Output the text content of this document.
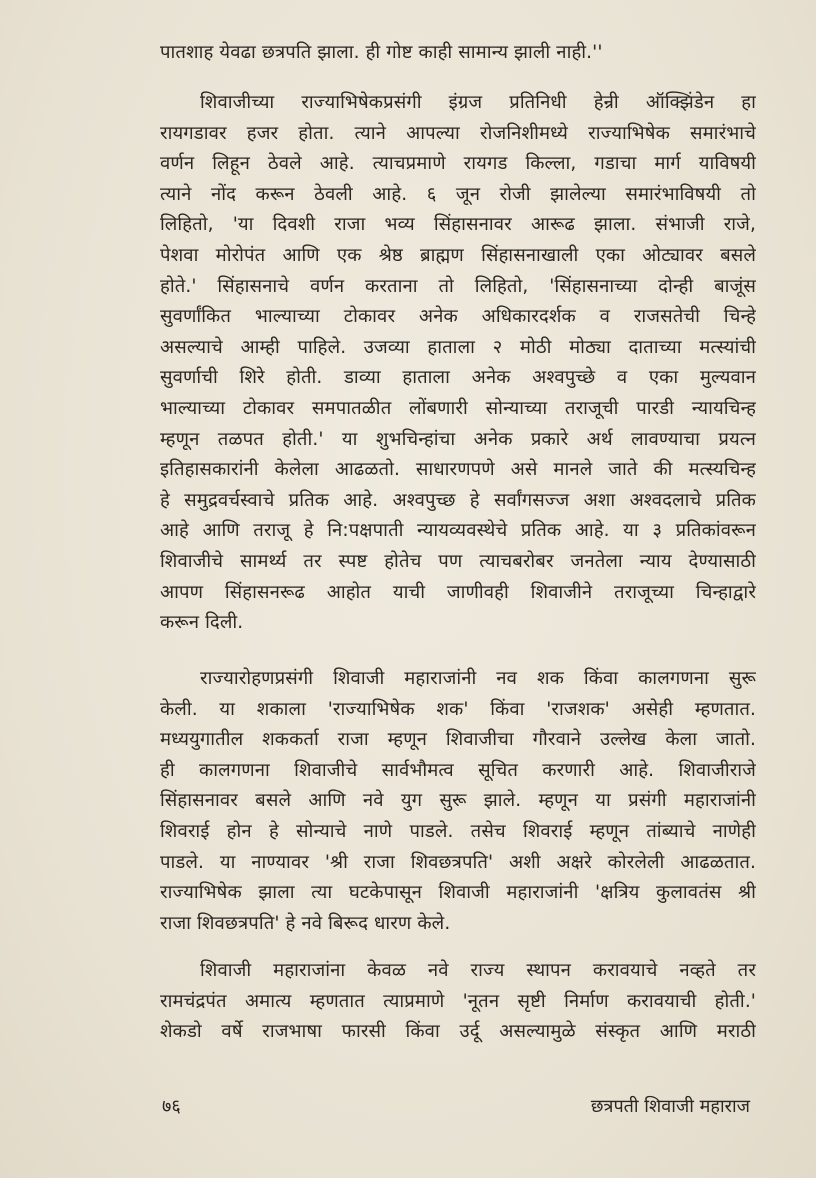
पातशाह येवढा छत्रपति झाला. ही गोष्ट काही सामान्य झाली नाही.''
शिवाजीच्या राज्याभिषेकप्रसंगी इंग्रज प्रतिनिधी हेन्री ऑक्झिंडेन हा
रायगडावर हजर होता. त्याने आपल्या रोजनिशीमध्ये राज्याभिषेक समारंभाचे
वर्णन लिहून ठेवले आहे. त्याचप्रमाणे रायगड किल्ला, गडाचा मार्ग याविषयी
त्याने नोंद करून ठेवली आहे. ६ जून रोजी झालेल्या समारंभाविषयी तो
लिहितो, 'या दिवशी राजा भव्य सिंहासनावर आरूढ झाला. संभाजी राजे,
पेशवा मोरोपंत आणि एक श्रेष्ठ ब्राह्मण सिंहासनाखाली एका ओट्यावर बसले
होते.' सिंहासनाचे वर्णन करताना तो लिहितो, 'सिंहासनाच्या दोन्ही बाजूंस
सुवर्णांकित भाल्याच्या टोकावर अनेक अधिकारदर्शक व राजसतेची चिन्हे
असल्याचे आम्ही पाहिले. उजव्या हाताला २ मोठी मोठ्या दाताच्या मत्स्यांची
सुवर्णाची शिरे होती. डाव्या हाताला अनेक अश्वपुच्छे व एका मुल्यवान
भाल्याच्या टोकावर समपातळीत लोंबणारी सोन्याच्या तराजूची पारडी न्यायचिन्ह
म्हणून तळपत होती.' या शुभचिन्हांचा अनेक प्रकारे अर्थ लावण्याचा प्रयत्न
इतिहासकारांनी केलेला आढळतो. साधारणपणे असे मानले जाते की मत्स्यचिन्ह
हे समुद्रवर्चस्वाचे प्रतिक आहे. अश्वपुच्छ हे सर्वांगसज्ज अशा अश्वदलाचे प्रतिक
आहे आणि तराजू हे नि:पक्षपाती न्यायव्यवस्थेचे प्रतिक आहे. या ३ प्रतिकांवरून
शिवाजीचे सामर्थ्य तर स्पष्ट होतेच पण त्याचबरोबर जनतेला न्याय देण्यासाठी
आपण सिंहासनरूढ आहोत याची जाणीवही शिवाजीने तराजूच्या चिन्हाद्वारे
करून दिली.
राज्यारोहणप्रसंगी शिवाजी महाराजांनी नव शक किंवा कालगणना सुरू
केली. या शकाला 'राज्याभिषेक शक' किंवा 'राजशक' असेही म्हणतात.
मध्ययुगातील शककर्ता राजा म्हणून शिवाजीचा गौरवाने उल्लेख केला जातो.
ही कालगणना शिवाजीचे सार्वभौमत्व सूचित करणारी आहे. शिवाजीराजे
सिंहासनावर बसले आणि नवे युग सुरू झाले. म्हणून या प्रसंगी महाराजांनी
शिवराई होन हे सोन्याचे नाणे पाडले. तसेच शिवराई म्हणून तांब्याचे नाणेही
पाडले. या नाण्यावर 'श्री राजा शिवछत्रपति' अशी अक्षरे कोरलेली आढळतात.
राज्याभिषेक झाला त्या घटकेपासून शिवाजी महाराजांनी 'क्षत्रिय कुलावतंस श्री
राजा शिवछत्रपति' हे नवे बिरूद धारण केले.
शिवाजी महाराजांना केवळ नवे राज्य स्थापन करावयाचे नव्हते तर
रामचंद्रपंत अमात्य म्हणतात त्याप्रमाणे 'नूतन सृष्टी निर्माण करावयाची होती.'
शेकडो वर्षे राजभाषा फारसी किंवा उर्दू असल्यामुळे संस्कृत आणि मराठी
७६	छत्रपती शिवाजी महाराज
